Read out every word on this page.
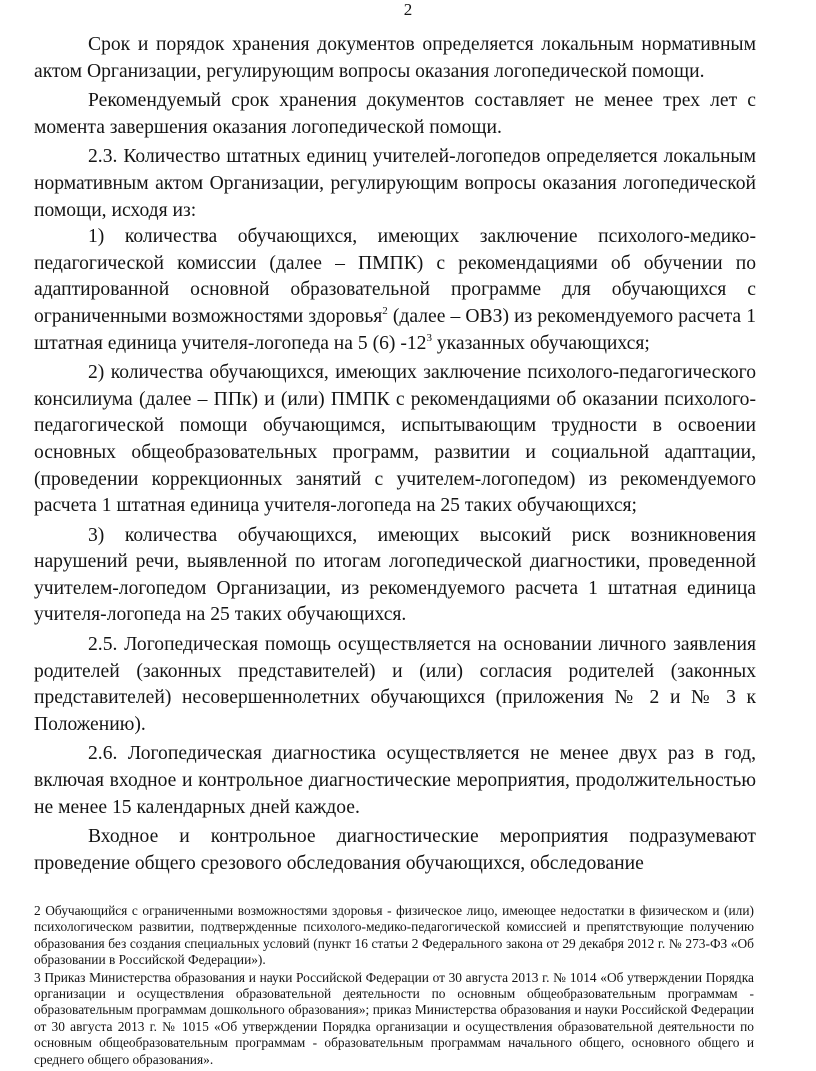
2

Срок и порядок хранения документов определяется локальным нормативным актом Организации, регулирующим вопросы оказания логопедической помощи.

Рекомендуемый срок хранения документов составляет не менее трех лет с момента завершения оказания логопедической помощи.

2.3. Количество штатных единиц учителей-логопедов определяется локальным нормативным актом Организации, регулирующим вопросы оказания логопедической помощи, исходя из:

1) количества обучающихся, имеющих заключение психолого-медико-педагогической комиссии (далее – ПМПК) с рекомендациями об обучении по адаптированной основной образовательной программе для обучающихся с ограниченными возможностями здоровья$^2$ (далее – ОВЗ) из рекомендуемого расчета 1 штатная единица учителя-логопеда на 5 (6) $-12^3$ указанных обучающихся;

2) количества обучающихся, имеющих заключение психолого-педагогического консилиума (далее – ППк) и (или) ПМПК с рекомендациями об оказании психолого-педагогической помощи обучающимся, испытывающим трудности в освоении основных общеобразовательных программ, развитии и социальной адаптации, (проведении коррекционных занятий с учителем-логопедом) из рекомендуемого расчета 1 штатная единица учителя-логопеда на 25 таких обучающихся;

3) количества обучающихся, имеющих высокий риск возникновения нарушений речи, выявленной по итогам логопедической диагностики, проведенной учителем-логопедом Организации, из рекомендуемого расчета 1 штатная единица учителя-логопеда на 25 таких обучающихся.

2.5. Логопедическая помощь осуществляется на основании личного заявления родителей (законных представителей) и (или) согласия родителей (законных представителей) несовершеннолетних обучающихся (приложения № 2 и № 3 к Положению).

2.6. Логопедическая диагностика осуществляется не менее двух раз в год, включая входное и контрольное диагностические мероприятия, продолжительностью не менее 15 календарных дней каждое.

Входное и контрольное диагностические мероприятия подразумевают проведение общего срезового обследования обучающихся, обследование

2 Обучающийся с ограниченными возможностями здоровья - физическое лицо, имеющее недостатки в физическом и (или) психологическом развитии, подтвержденные психолого-медико-педагогической комиссией и препятствующие получению образования без создания специальных условий (пункт 16 статьи 2 Федерального закона от 29 декабря 2012 г. № 273-ФЗ «Об образовании в Российской Федерации»).

3 Приказ Министерства образования и науки Российской Федерации от 30 августа 2013 г. № 1014 «Об утверждении Порядка организации и осуществления образовательной деятельности по основным общеобразовательным программам - образовательным программам дошкольного образования»; приказ Министерства образования и науки Российской Федерации от 30 августа 2013 г. № 1015 «Об утверждении Порядка организации и осуществления образовательной деятельности по основным общеобразовательным программам - образовательным программам начального общего, основного общего и среднего общего образования».
